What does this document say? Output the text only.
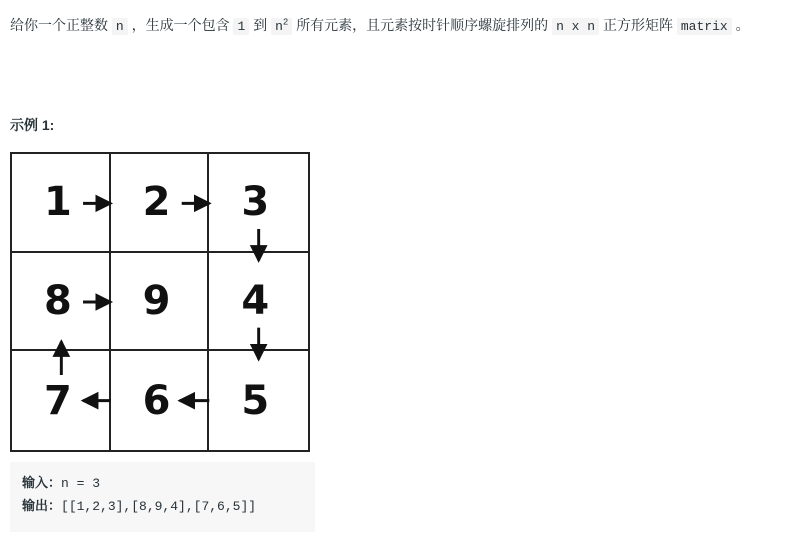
给你一个正整数 n ，生成一个包含 1 到 $n^2$ 所有元素，且元素按时针顺序螺旋排列的 n x n 正方形矩阵 matrix 。
示例 1:
1 2 3
8 9 4
7 6 5
输入：n = 3
输出：[[1,2,3],[8,9,4],[7,6,5]]
